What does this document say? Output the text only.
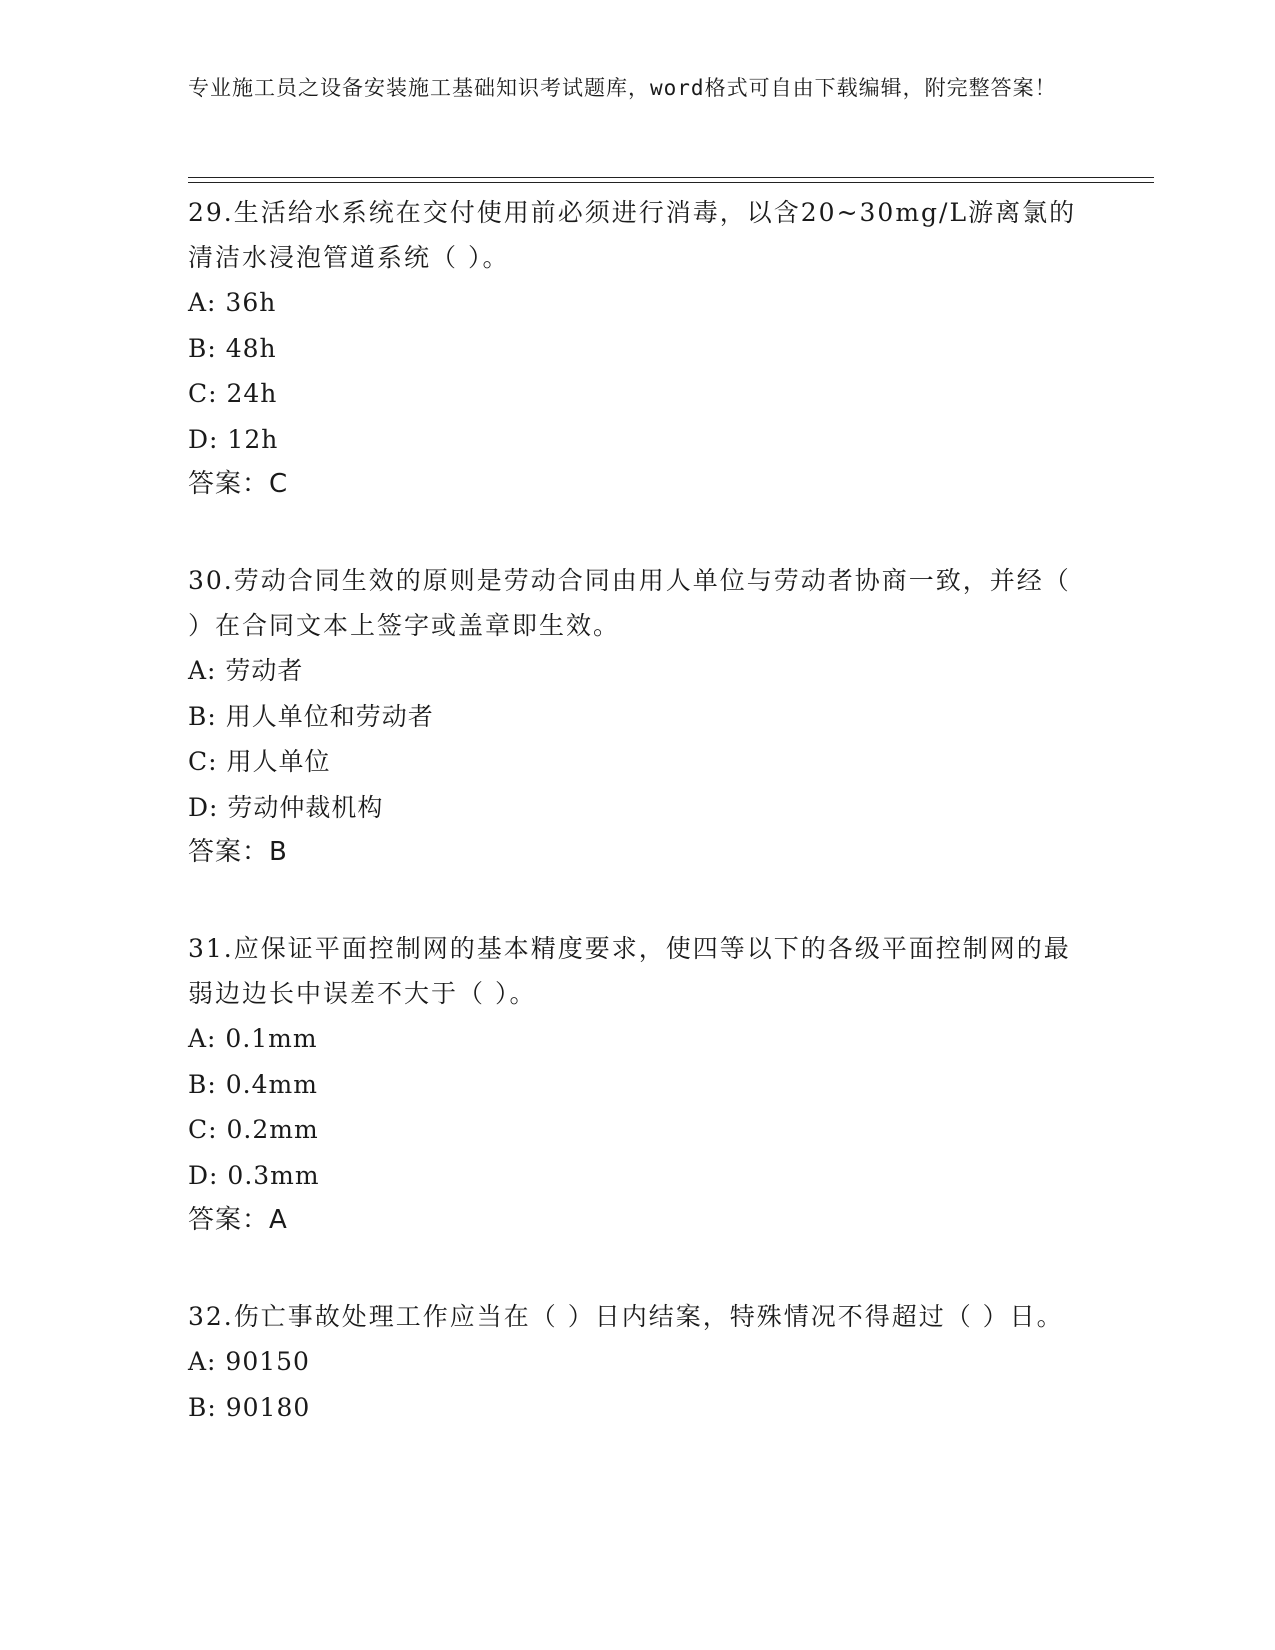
专业施工员之设备安装施工基础知识考试题库，word格式可自由下载编辑，附完整答案！

29.生活给水系统在交付使用前必须进行消毒，以含20~30mg/L游离氯的清洁水浸泡管道系统（ ）。

A: 36h

B: 48h

C: 24h

D: 12h

答案：C

30.劳动合同生效的原则是劳动合同由用人单位与劳动者协商一致，并经（ ）在合同文本上签字或盖章即生效。

A: 劳动者

B: 用人单位和劳动者

C: 用人单位

D: 劳动仲裁机构

答案：B

31.应保证平面控制网的基本精度要求，使四等以下的各级平面控制网的最弱边边长中误差不大于（ ）。

A: 0.1mm

B: 0.4mm

C: 0.2mm

D: 0.3mm

答案：A

32.伤亡事故处理工作应当在（ ）日内结案，特殊情况不得超过（ ）日。

A: 90150

B: 90180
